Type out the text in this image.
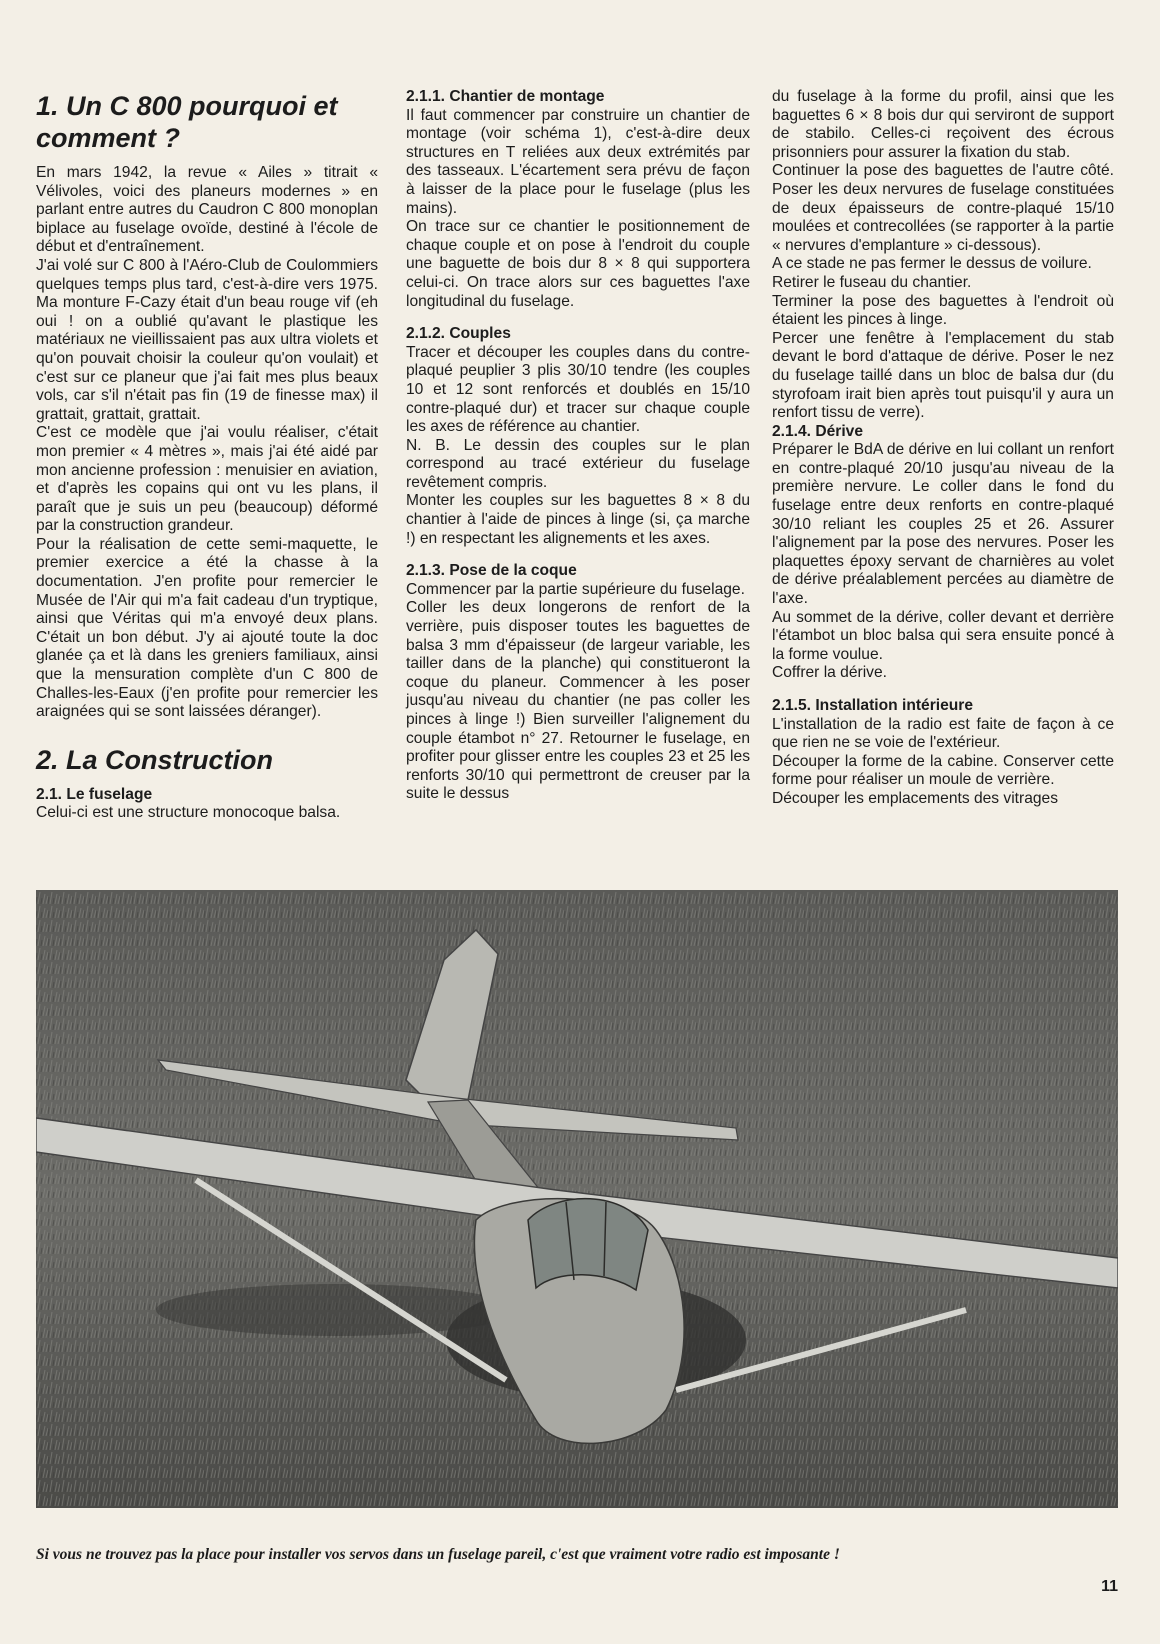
1. Un C 800 pourquoi et comment ?

En mars 1942, la revue « Ailes » titrait « Vélivoles, voici des planeurs modernes » en parlant entre autres du Caudron C 800 monoplan biplace au fuselage ovoïde, destiné à l'école de début et d'entraînement.

J'ai volé sur C 800 à l'Aéro-Club de Coulommiers quelques temps plus tard, c'est-à-dire vers 1975. Ma monture F-Cazy était d'un beau rouge vif (eh oui ! on a oublié qu'avant le plastique les matériaux ne vieillissaient pas aux ultra violets et qu'on pouvait choisir la couleur qu'on voulait) et c'est sur ce planeur que j'ai fait mes plus beaux vols, car s'il n'était pas fin (19 de finesse max) il grattait, grattait, grattait.

C'est ce modèle que j'ai voulu réaliser, c'était mon premier « 4 mètres », mais j'ai été aidé par mon ancienne profession : menuisier en aviation, et d'après les copains qui ont vu les plans, il paraît que je suis un peu (beaucoup) déformé par la construction grandeur.

Pour la réalisation de cette semi-maquette, le premier exercice a été la chasse à la documentation. J'en profite pour remercier le Musée de l'Air qui m'a fait cadeau d'un tryptique, ainsi que Véritas qui m'a envoyé deux plans. C'était un bon début. J'y ai ajouté toute la doc glanée ça et là dans les greniers familiaux, ainsi que la mensuration complète d'un C 800 de Challes-les-Eaux (j'en profite pour remercier les araignées qui se sont laissées déranger).

2. La Construction
2.1. Le fuselage

Celui-ci est une structure monocoque balsa.

2.1.1. Chantier de montage

Il faut commencer par construire un chantier de montage (voir schéma 1), c'est-à-dire deux structures en T reliées aux deux extrémités par des tasseaux. L'écartement sera prévu de façon à laisser de la place pour le fuselage (plus les mains).

On trace sur ce chantier le positionnement de chaque couple et on pose à l'endroit du couple une baguette de bois dur 8 × 8 qui supportera celui-ci. On trace alors sur ces baguettes l'axe longitudinal du fuselage.

2.1.2. Couples

Tracer et découper les couples dans du contre-plaqué peuplier 3 plis 30/10 tendre (les couples 10 et 12 sont renforcés et doublés en 15/10 contre-plaqué dur) et tracer sur chaque couple les axes de référence au chantier.

N. B. Le dessin des couples sur le plan correspond au tracé extérieur du fuselage revêtement compris.

Monter les couples sur les baguettes 8 × 8 du chantier à l'aide de pinces à linge (si, ça marche !) en respectant les alignements et les axes.

2.1.3. Pose de la coque

Commencer par la partie supérieure du fuselage.

Coller les deux longerons de renfort de la verrière, puis disposer toutes les baguettes de balsa 3 mm d'épaisseur (de largeur variable, les tailler dans de la planche) qui constitueront la coque du planeur. Commencer à les poser jusqu'au niveau du chantier (ne pas coller les pinces à linge !) Bien surveiller l'alignement du couple étambot n° 27. Retourner le fuselage, en profiter pour glisser entre les couples 23 et 25 les renforts 30/10 qui permettront de creuser par la suite le dessus

du fuselage à la forme du profil, ainsi que les baguettes 6 × 8 bois dur qui serviront de support de stabilo. Celles-ci reçoivent des écrous prisonniers pour assurer la fixation du stab.

Continuer la pose des baguettes de l'autre côté. Poser les deux nervures de fuselage constituées de deux épaisseurs de contre-plaqué 15/10 moulées et contrecollées (se rapporter à la partie « nervures d'emplanture » ci-dessous).

A ce stade ne pas fermer le dessus de voilure.

Retirer le fuseau du chantier.

Terminer la pose des baguettes à l'endroit où étaient les pinces à linge.

Percer une fenêtre à l'emplacement du stab devant le bord d'attaque de dérive. Poser le nez du fuselage taillé dans un bloc de balsa dur (du styrofoam irait bien après tout puisqu'il y aura un renfort tissu de verre).

2.1.4. Dérive

Préparer le BdA de dérive en lui collant un renfort en contre-plaqué 20/10 jusqu'au niveau de la première nervure. Le coller dans le fond du fuselage entre deux renforts en contre-plaqué 30/10 reliant les couples 25 et 26. Assurer l'alignement par la pose des nervures. Poser les plaquettes époxy servant de charnières au volet de dérive préalablement percées au diamètre de l'axe.

Au sommet de la dérive, coller devant et derrière l'étambot un bloc balsa qui sera ensuite poncé à la forme voulue.

Coffrer la dérive.

2.1.5. Installation intérieure

L'installation de la radio est faite de façon à ce que rien ne se voie de l'extérieur.

Découper la forme de la cabine. Conserver cette forme pour réaliser un moule de verrière.

Découper les emplacements des vitrages

Si vous ne trouvez pas la place pour installer vos servos dans un fuselage pareil, c'est que vraiment votre radio est imposante !
11
